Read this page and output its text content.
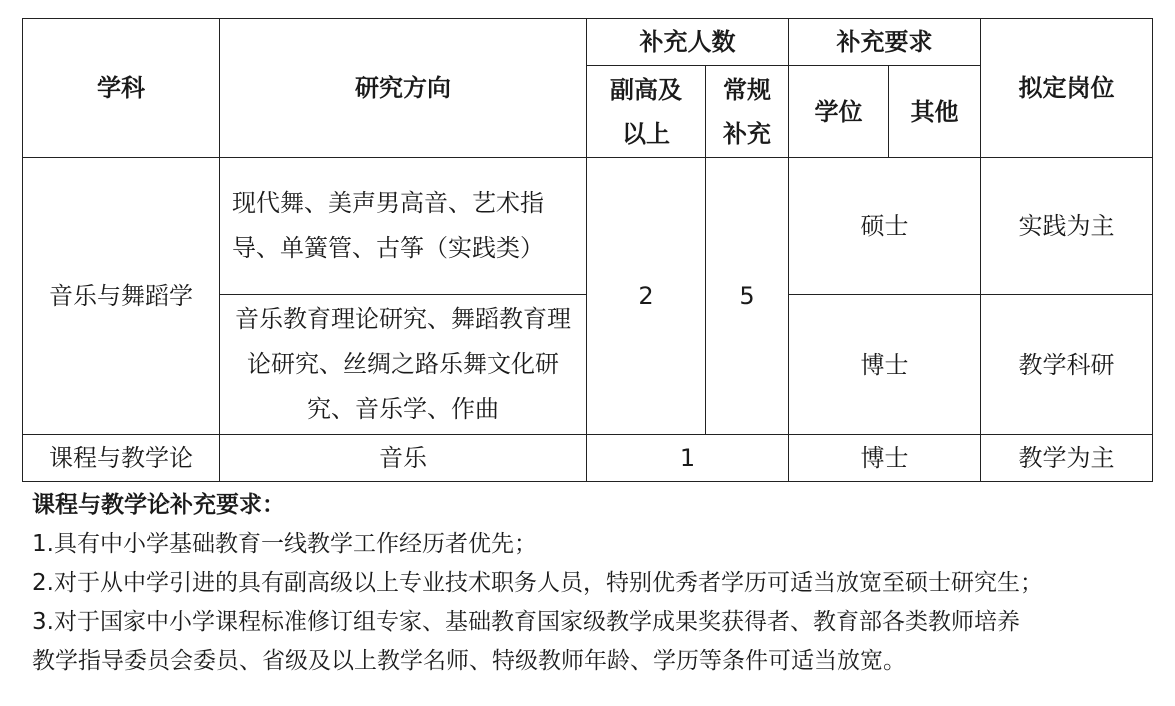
学科	研究方向	补充人数		补充要求		拟定岗位
		副高及以上	常规补充	学位	其他	
音乐与舞蹈学	现代舞、美声男高音、艺术指导、单簧管、古筝（实践类）	2	5	硕士		实践为主
	音乐教育理论研究、舞蹈教育理论研究、丝绸之路乐舞文化研究、音乐学、作曲			博士		教学科研
课程与教学论	音乐	1		博士		教学为主

课程与教学论补充要求：

1.具有中小学基础教育一线教学工作经历者优先；

2.对于从中学引进的具有副高级以上专业技术职务人员，特别优秀者学历可适当放宽至硕士研究生；

3.对于国家中小学课程标准修订组专家、基础教育国家级教学成果奖获得者、教育部各类教师培养

教学指导委员会委员、省级及以上教学名师、特级教师年龄、学历等条件可适当放宽。
